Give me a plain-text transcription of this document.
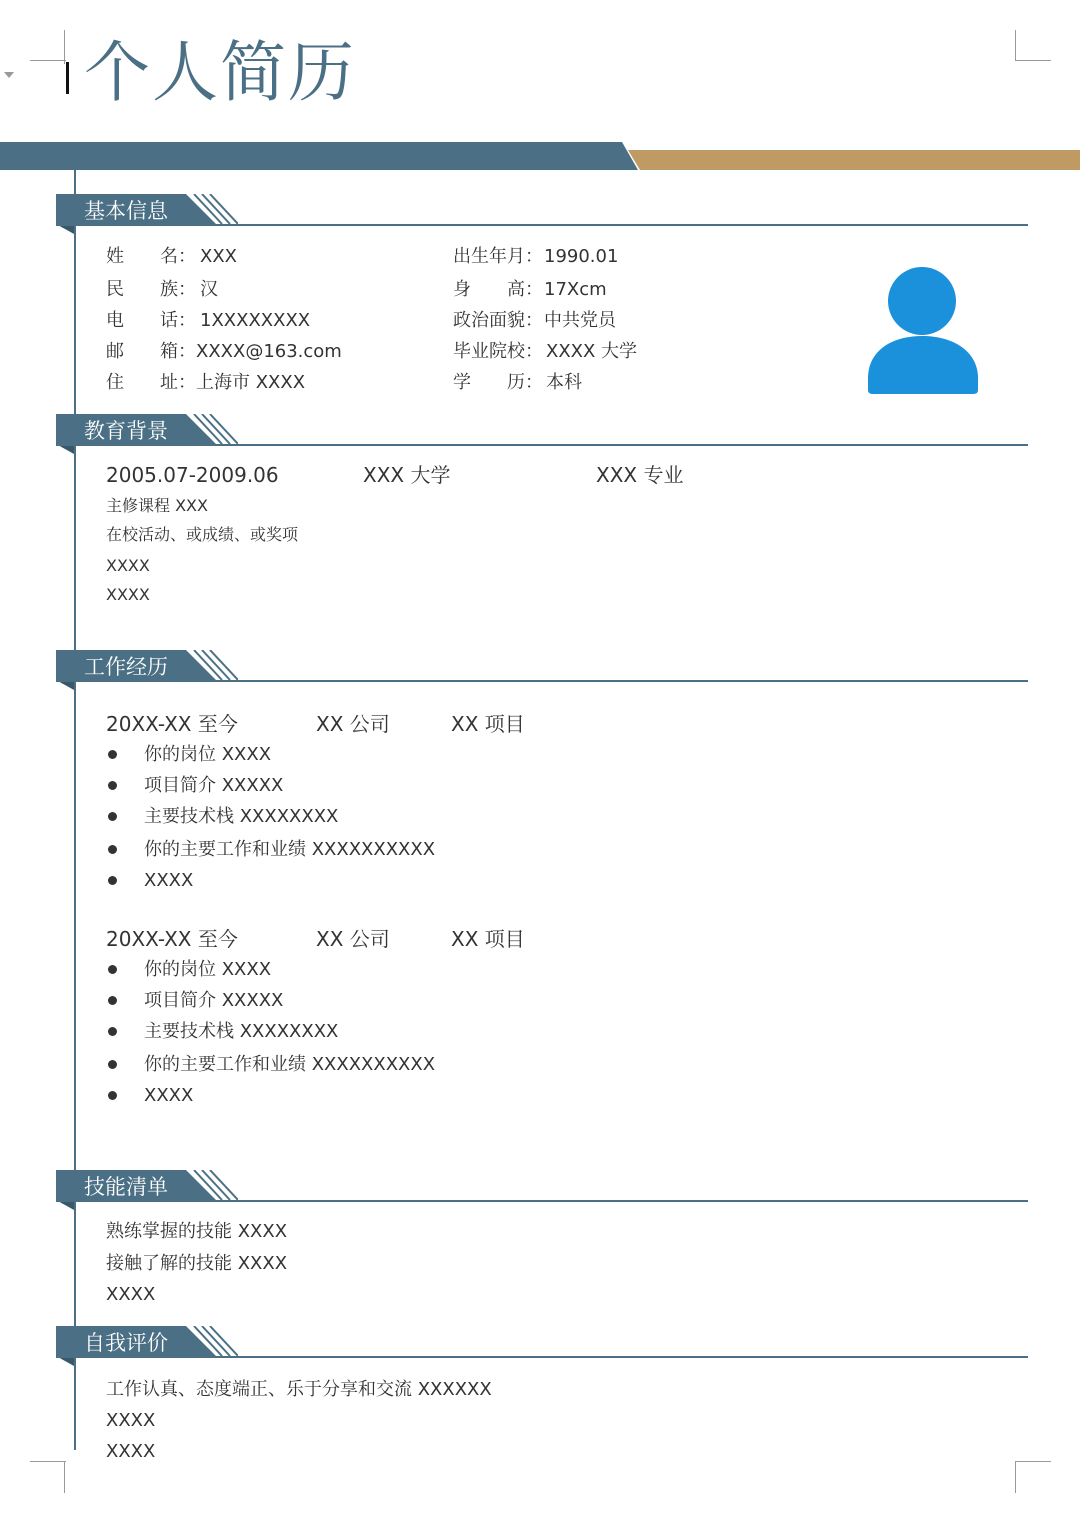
个人简历
基本信息
姓 名： XXX
民 族： 汉
电 话： 1XXXXXXXX
邮 箱： XXXX@163.com
住 址： 上海市 XXXX
出生年月： 1990.01
身 高： 17Xcm
政治面貌： 中共党员
毕业院校： XXXX 大学
学 历： 本科
教育背景
2005.07-2009.06	XXX 大学	XXX 专业
主修课程 XXX
在校活动、或成绩、或奖项
XXXX
XXXX
工作经历
20XX-XX 至今	XX 公司	XX 项目
你的岗位 XXXX
项目简介 XXXXX
主要技术栈 XXXXXXXX
你的主要工作和业绩 XXXXXXXXXX
XXXX
20XX-XX 至今	XX 公司	XX 项目
你的岗位 XXXX
项目简介 XXXXX
主要技术栈 XXXXXXXX
你的主要工作和业绩 XXXXXXXXXX
XXXX
技能清单
熟练掌握的技能 XXXX
接触了解的技能 XXXX
XXXX
自我评价
工作认真、态度端正、乐于分享和交流 XXXXXX
XXXX
XXXX
